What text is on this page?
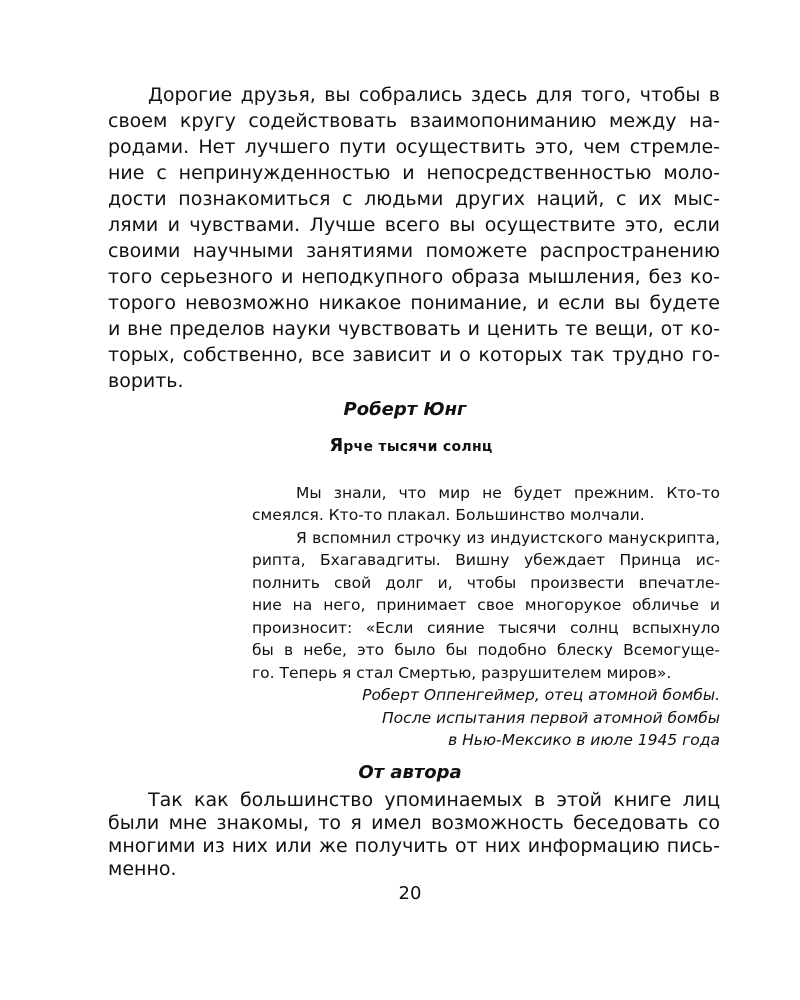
Дорогие друзья, вы собрались здесь для того, чтобы в

своем кругу содействовать взаимопониманию между на-

родами. Нет лучшего пути осуществить это, чем стремле-

ние с непринужденностью и непосредственностью моло-

дости познакомиться с людьми других наций, с их мыс-

лями и чувствами. Лучше всего вы осуществите это, если

своими научными занятиями поможете распространению

того серьезного и неподкупного образа мышления, без ко-

торого невозможно никакое понимание, и если вы будете

и вне пределов науки чувствовать и ценить те вещи, от ко-

торых, собственно, все зависит и о которых так трудно го-

ворить.

Роберт Юнг
Ярче тысячи солнц

Мы знали, что мир не будет прежним. Кто-то

смеялся. Кто-то плакал. Большинство молчали.

Я вспомнил строчку из индуистского манускрипта,

рипта, Бхагавадгиты. Вишну убеждает Принца ис-

полнить свой долг и, чтобы произвести впечатле-

ние на него, принимает свое многорукое обличье и

произносит: «Если сияние тысячи солнц вспыхнуло

бы в небе, это было бы подобно блеску Всемогуще-

го. Теперь я стал Смертью, разрушителем миров».

Роберт Оппенгеймер, отец атомной бомбы.
После испытания первой атомной бомбы
в Нью-Мексико в июле 1945 года
От автора

Так как большинство упоминаемых в этой книге лиц

были мне знакомы, то я имел возможность беседовать со

многими из них или же получить от них информацию пись-

менно.

20
